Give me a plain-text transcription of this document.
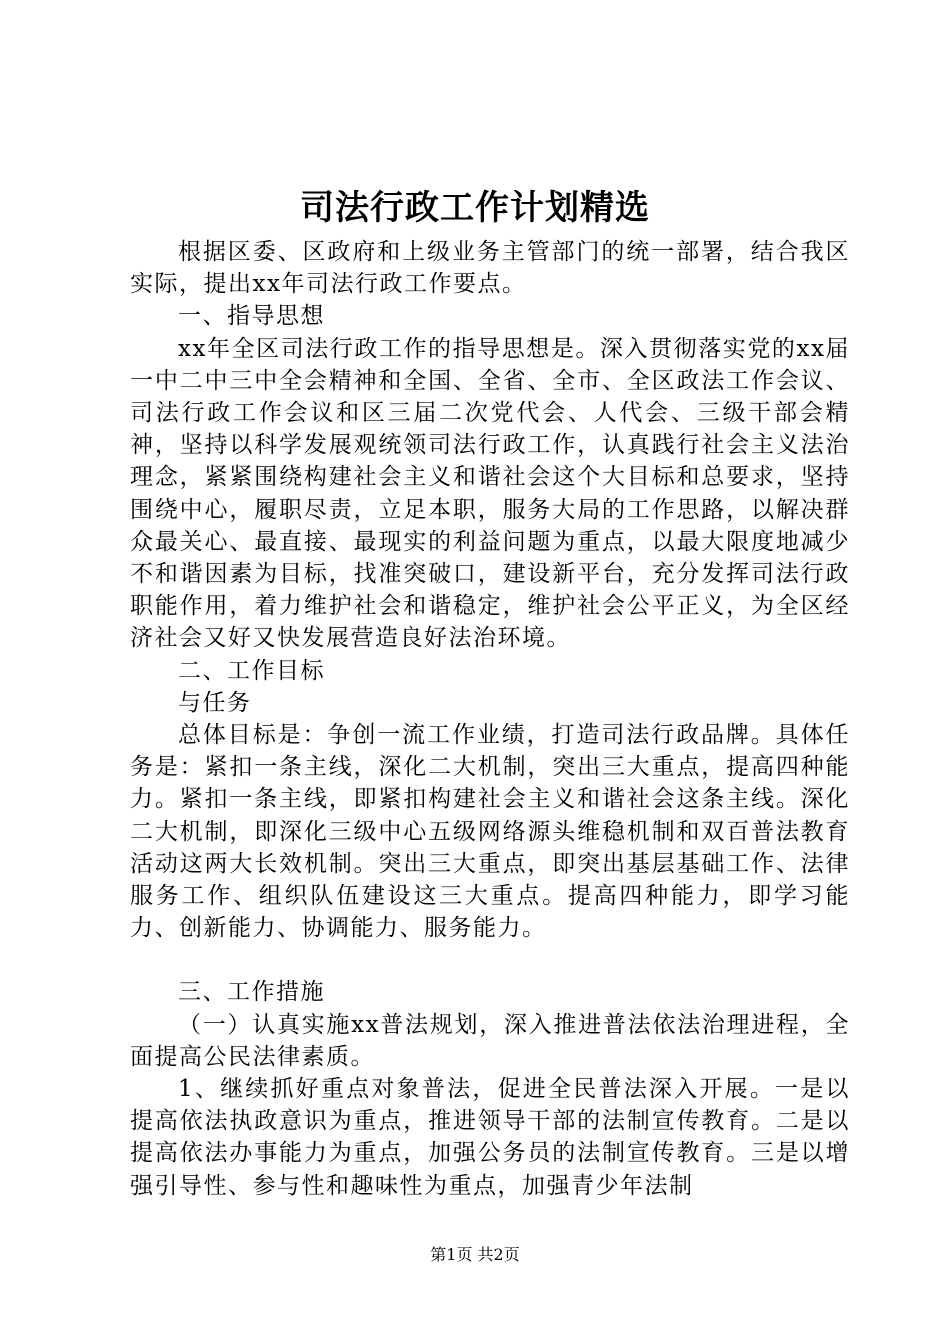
司法行政工作计划精选

根据区委、区政府和上级业务主管部门的统一部署，结合我区实际，提出xx年司法行政工作要点。

一、指导思想

xx年全区司法行政工作的指导思想是。深入贯彻落实党的xx届一中二中三中全会精神和全国、全省、全市、全区政法工作会议、司法行政工作会议和区三届二次党代会、人代会、三级干部会精神，坚持以科学发展观统领司法行政工作，认真践行社会主义法治理念，紧紧围绕构建社会主义和谐社会这个大目标和总要求，坚持围绕中心，履职尽责，立足本职，服务大局的工作思路，以解决群众最关心、最直接、最现实的利益问题为重点，以最大限度地减少不和谐因素为目标，找准突破口，建设新平台，充分发挥司法行政职能作用，着力维护社会和谐稳定，维护社会公平正义，为全区经济社会又好又快发展营造良好法治环境。

二、工作目标

与任务

总体目标是：争创一流工作业绩，打造司法行政品牌。具体任务是：紧扣一条主线，深化二大机制，突出三大重点，提高四种能力。紧扣一条主线，即紧扣构建社会主义和谐社会这条主线。深化二大机制，即深化三级中心五级网络源头维稳机制和双百普法教育活动这两大长效机制。突出三大重点，即突出基层基础工作、法律服务工作、组织队伍建设这三大重点。提高四种能力，即学习能力、创新能力、协调能力、服务能力。

三、工作措施

（一）认真实施xx普法规划，深入推进普法依法治理进程，全面提高公民法律素质。

1、继续抓好重点对象普法，促进全民普法深入开展。一是以提高依法执政意识为重点，推进领导干部的法制宣传教育。二是以提高依法办事能力为重点，加强公务员的法制宣传教育。三是以增强引导性、参与性和趣味性为重点，加强青少年法制

第1页 共2页
